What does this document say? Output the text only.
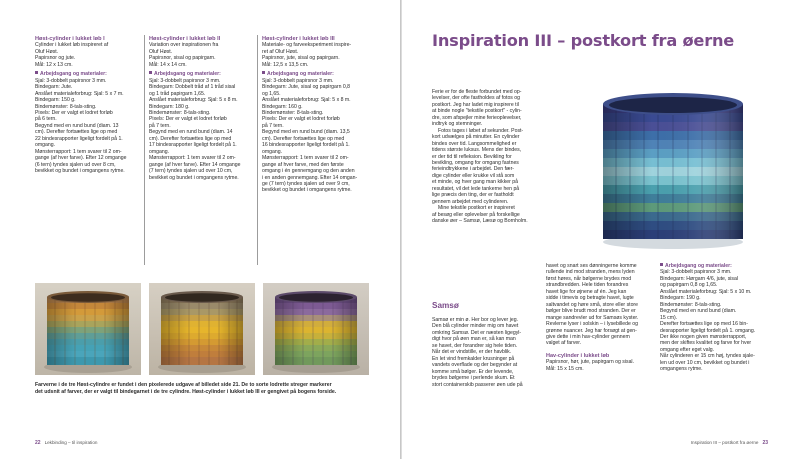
Høst-cylinder i lukket løb I
Cylinder i lukket løb inspireret af
Oluf Høst.
Papirsnor og jute.
Mål: 12 x 13 cm.
Arbejdsgang og materialer:
Sjal: 3-dobbelt papirsnor 3 mm.
Bindegarn: Jute.
Anslået materialeforbrug: Sjal: 5 x 7 m.
Bindegarn: 150 g.
Bindemønster: 8-tals-sting.
Pixels: Der er valgt et lodret forløb
på 6 tern.
Begynd med en rund bund (diam. 13
cm). Derefter fortsættes lige op med
22 bindesrapporter ligeligt fordelt på 1.
omgang.
Mønsterrapport: 1 tern svarer til 2 om-
gange (af hver farve). Efter 12 omgange
(6 tern) tyndes sjalen ud over 8 cm,
bevikket og bundet i omgangens rytme.
Høst-cylinder i lukket løb II
Variation over inspirationen fra
Oluf Høst.
Papirsnor, sisal og papirgarn.
Mål: 14 x 14 cm.
Arbejdsgang og materialer:
Sjal: 3-dobbelt papirsnor 3 mm.
Bindegarn: Dobbelt tråd af 1 tråd sisal
og 1 tråd papirgarn 1,65.
Anslået materialeforbrug: Sjal: 5 x 8 m.
Bindegarn: 180 g.
Bindemønster: 8-tals-sting.
Pixels: Der er valgt et lodret forløb
på 7 tern.
Begynd med en rund bund (diam. 14
cm). Derefter fortsættes lige op med
17 bindesrapporter ligeligt fordelt på 1.
omgang.
Mønsterrapport: 1 tern svarer til 2 om-
gange (af hver farve). Efter 14 omgange
(7 tern) tyndes sjalen ud over 10 cm,
bevikket og bundet i omgangens rytme.
Høst-cylinder i lukket løb III
Materiale- og farveeksperiment inspire-
ret af Oluf Høst.
Papirsnor, jute, sisal og papirgarn.
Mål: 12,5 x 13,5 cm.
Arbejdsgang og materialer:
Sjal: 3-dobbelt papirsnor 3 mm.
Bindegarn: Jute, sisal og papirgarn 0,8
og 1,65.
Anslået materialeforbrug: Sjal: 5 x 8 m.
Bindegarn: 160 g.
Bindemønster: 8-tals-sting.
Pixels: Der er valgt et lodret forløb
på 7 tern.
Begynd med en rund bund (diam. 13,5
cm). Derefter fortsættes lige op med
16 bindesrapporter ligeligt fordelt på 1.
omgang.
Mønsterrapport: 1 tern svarer til 2 om-
gange af hver farve, med den første
omgang i én gennemgang og den anden
i en anden gennemgang. Efter 14 omgan-
ge (7 tern) tyndes sjalen ud over 9 cm,
bevikket og bundet i omgangens rytme.
Farverne i de tre Høst-cylindre er fundet i den pixelerede udgave af billedet side 21. De to sorte lodrette streger markerer
det udsnit af farver, der er valgt til bindegarnet i de tre cylindre. Høst-cylinder i lukket løb III er gengivet på bogens forside.
22 Lekbinding – til inspiration
Inspiration III – postkort fra øerne
Ferie er for de fleste forbundet med op-
levelser, der ofte fastholdes af fotos og
postkort. Jeg har ladet mig inspirere til
at binde nogle "tekstile postkort" - cylin-
dre, som afspejler mine ferieoplevelser,
indtryk og stemninger.
Fotos tages i løbet af sekunder. Post-
kort udvælges på minutter. En cylinder
bindes over tid. Langsommelighed er
tidens største luksus. Mens der bindes,
er der tid til refleksion. Bevikling for
bevikling, omgang for omgang fastnes
ferieindtrykkene i arbejdet. Den fær-
dige cylinder eller krukke vil stå som
et minde, og hver gang man kikker på
resultatet, vil det lede tankerne hen på
lige præcis den ting, der er fastholdt
gennem arbejdet med cylinderen.
Mine tekstile postkort er inspireret
af besøg eller oplevelser på forskellige
danske øer – Samsø, Læsø og Bornholm.
Samsø
Samsø er min ø. Her bor og lever jeg.
Den blå cylinder minder mig om havet
omkring Samsø. Det er næsten ligegyl-
digt hvor på øen man er, så kan man
se havet, der forandrer sig hele tiden.
Når det er vindstille, er der havblik.
En let vind fremkalder krusninger på
vandets overflade og der begynder at
komme små bølger. Er der levende,
brydes bølgerne i perlende skum. Et
stort containerskib passerer øen ude på
havet og snart ses dønningerne komme
rullende ind mod stranden, mens lyden
først høres, når bølgerne brydes mod
strandbredden. Hele tiden forandres
havet lige for øjnene af én. Jeg kan
sidde i timevis og betragte havet, lugte
saltvandet og høre små, store eller store
bølger blive brudt mod stranden. Der er
mange sandrevler ud for Samsøs kyster.
Revlerne lyser i solskin – i lysebillede og
grønne nuancer. Jeg har forsøgt at gen-
give dette i min hav-cylinder gennem
valget af farver.
Hav-cylinder i lukket løb
Papirsnor, hør, jute, papirgarn og sisal.
Mål: 15 x 15 cm.
Arbejdsgang og materialer:
Sjal: 3-dobbelt papirsnor 3 mm.
Bindegarn: Hørgarn 4/6, jute, sisal
og papirgarn 0,8 og 1,65.
Anslået materialeforbrug: Sjal: 5 x 10 m.
Bindegarn: 190 g.
Bindemønster: 8-tals-sting.
Begynd med en rund bund (diam.
15 cm).
Derefter fortsættes lige op med 16 bin-
desrapporter ligeligt fordelt på 1. omgang.
Der ikke nogen given mønsterrapport,
men der skiftes kvalitet og farve for hver
omgang efter eget valg.
Når cylinderen er 15 cm høj, tyndes sjale-
len ud over 10 cm, bevikket og bundet i
omgangens rytme.
Inspiration III – postkort fra øerne 23
